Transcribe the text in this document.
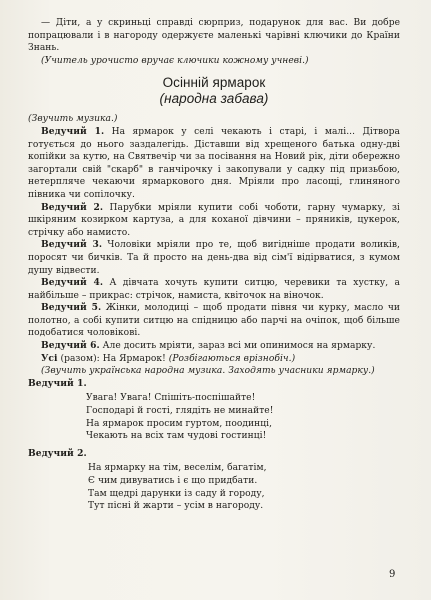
— Діти, а у скриньці справді сюрприз, подарунок для вас. Ви добре попрацювали і в нагороду одержуєте маленькі чарівні ключики до Країни Знань.

(Учитель урочисто вручає ключики кожному учневі.)

Осінній ярмарок
(народна забава)

(Звучить музика.)

Ведучий 1. На ярмарок у селі чекають і старі, і малі... Дітвора готується до нього заздалегідь. Діставши від хрещеного батька одну-дві копійки за кутю, на Святвечір чи за посівання на Новий рік, діти обережно загортали свій "скарб" в ганчірочку і закопували у садку під призьбою, нетерпляче чекаючи ярмаркового дня. Мріяли про ласощі, глиняного півника чи сопілочку.

Ведучий 2. Парубки мріяли купити собі чоботи, гарну чумарку, зі шкіряним козирком картуза, а для коханої дівчини – пряників, цукерок, стрічку або намисто.

Ведучий 3. Чоловіки мріяли про те, щоб вигідніше продати воликів, поросят чи бичків. Та й просто на день-два від сім'ї відірватися, з кумом душу відвести.

Ведучий 4. А дівчата хочуть купити ситцю, черевики та хустку, а найбільше – прикрас: стрічок, намиста, квіточок на віночок.

Ведучий 5. Жінки, молодиці – щоб продати півня чи курку, масло чи полотно, а собі купити ситцю на спідницю або парчі на очіпок, щоб більше подобатися чоловікові.

Ведучий 6. Але досить мріяти, зараз всі ми опинимося на ярмарку.

Усі (разом): На Ярмарок! (Розбігаються врізнобіч.)

(Звучить українська народна музика. Заходять учасники ярмарку.)

Ведучий 1.

Увага! Увага! Спішіть-поспішайте!
Господарі й гості, глядіть не минайте!
На ярмарок просим гуртом, поодинці,
Чекають на всіх там чудові гостинці!

Ведучий 2.

На ярмарку на тім, веселім, багатім,
Є чим дивуватись і є що придбати.
Там щедрі дарунки із саду й городу,
Тут пісні й жарти – усім в нагороду.
9
